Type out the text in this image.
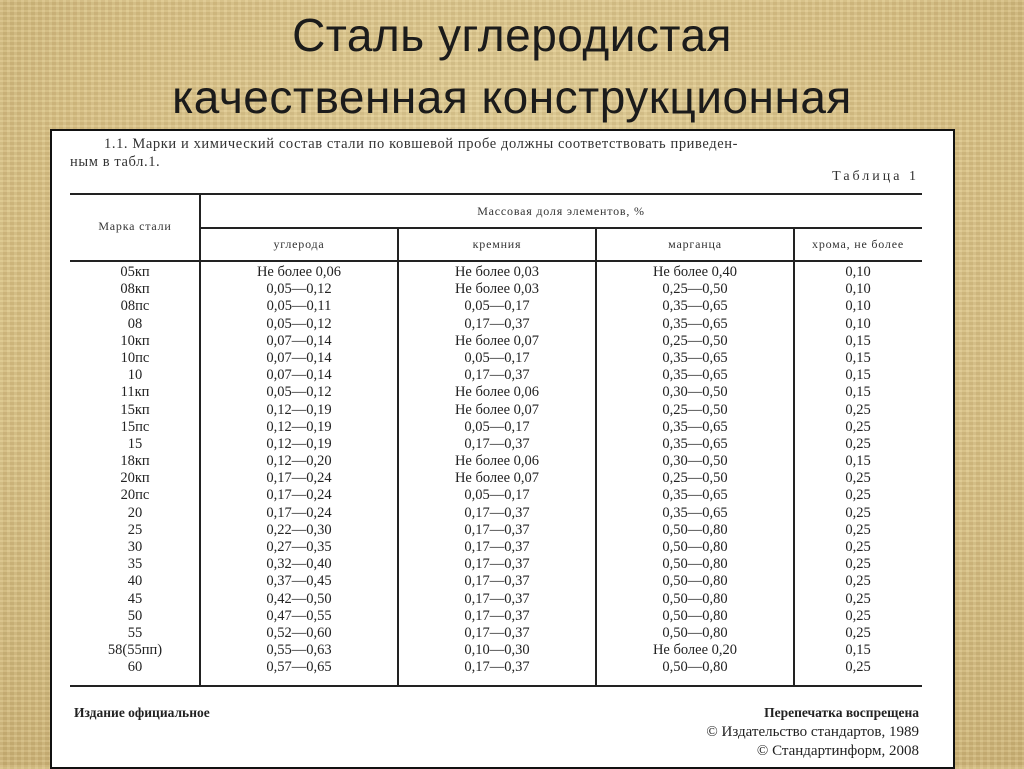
Сталь углеродистая
качественная конструкционная
1.1. Марки и химический состав стали по ковшевой пробе должны соответствовать приведен-
ным в табл.1.
Таблица 1
Марка стали
Массовая доля элементов, %
углерода	кремния	марганца	хрома, не более
05кп	Не более 0,06	Не более 0,03	Не более 0,40	0,10
08кп	0,05—0,12	Не более 0,03	0,25—0,50	0,10
08пс	0,05—0,11	0,05—0,17	0,35—0,65	0,10
08	0,05—0,12	0,17—0,37	0,35—0,65	0,10
10кп	0,07—0,14	Не более 0,07	0,25—0,50	0,15
10пс	0,07—0,14	0,05—0,17	0,35—0,65	0,15
10	0,07—0,14	0,17—0,37	0,35—0,65	0,15
11кп	0,05—0,12	Не более 0,06	0,30—0,50	0,15
15кп	0,12—0,19	Не более 0,07	0,25—0,50	0,25
15пс	0,12—0,19	0,05—0,17	0,35—0,65	0,25
15	0,12—0,19	0,17—0,37	0,35—0,65	0,25
18кп	0,12—0,20	Не более 0,06	0,30—0,50	0,15
20кп	0,17—0,24	Не более 0,07	0,25—0,50	0,25
20пс	0,17—0,24	0,05—0,17	0,35—0,65	0,25
20	0,17—0,24	0,17—0,37	0,35—0,65	0,25
25	0,22—0,30	0,17—0,37	0,50—0,80	0,25
30	0,27—0,35	0,17—0,37	0,50—0,80	0,25
35	0,32—0,40	0,17—0,37	0,50—0,80	0,25
40	0,37—0,45	0,17—0,37	0,50—0,80	0,25
45	0,42—0,50	0,17—0,37	0,50—0,80	0,25
50	0,47—0,55	0,17—0,37	0,50—0,80	0,25
55	0,52—0,60	0,17—0,37	0,50—0,80	0,25
58(55пп)	0,55—0,63	0,10—0,30	Не более 0,20	0,15
60	0,57—0,65	0,17—0,37	0,50—0,80	0,25
Издание официальное	Перепечатка воспрещена
© Издательство стандартов, 1989
© Стандартинформ, 2008
